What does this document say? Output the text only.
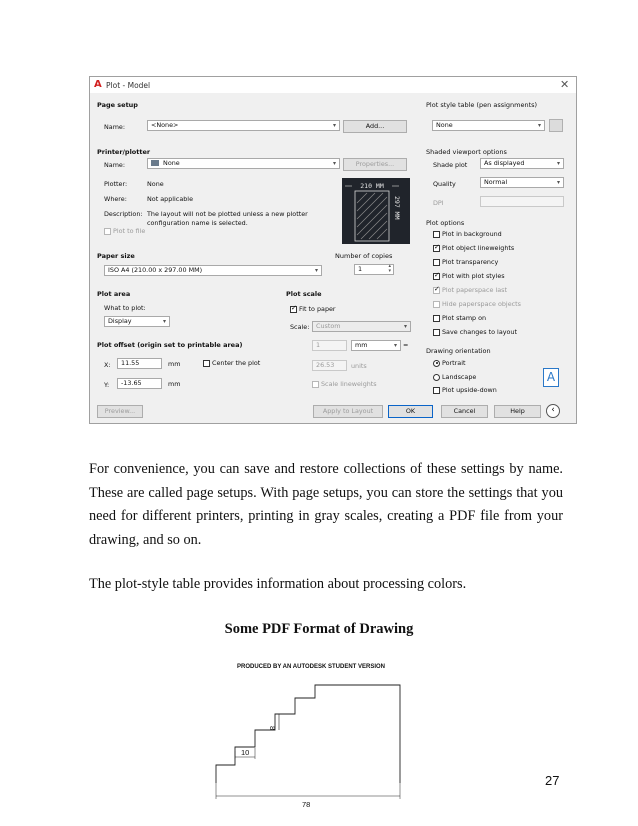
A Plot - Model	✕
Page setup
Name:	<None>	▾	Add...
Printer/plotter
Name:	None	▾	Properties...
Plotter:	None
Where:	Not applicable
Description: The layout will not be plotted unless a new plotter
configuration name is selected.
Plot to file
210 MM
297 MM
Paper size
ISO A4 (210.00 x 297.00 MM)	▾
Number of copies
1	▴
▾
Plot area
What to plot:
Display	▾
Plot scale
✓Fit to paper
Scale:	Custom	▾
1	mm	▾ =
26.53	units
Scale lineweights
Plot offset (origin set to printable area)
X:	11.55	mm	Center the plot
Y:	-13.65	mm
Plot style table (pen assignments)
None	▾
Shaded viewport options
Shade plot	As displayed	▾
Quality	Normal	▾
DPI
Plot options
Plot in background
✓Plot object lineweights
Plot transparency
✓Plot with plot styles
✓Plot paperspace last
Hide paperspace objects
Plot stamp on
Save changes to layout
Drawing orientation
Portrait
Landscape
Plot upside-down
A
Preview...	Apply to Layout	OK	Cancel	Help	‹
For convenience, you can save and restore collections of these settings by name. These are called page setups. With page setups, you can store the settings that you need for different printers, printing in gray scales, creating a PDF file from your drawing, and so on.
The plot-style table provides information about processing colors.
Some PDF Format of Drawing
PRODUCED BY AN AUTODESK STUDENT VERSION
10
8
78
27
